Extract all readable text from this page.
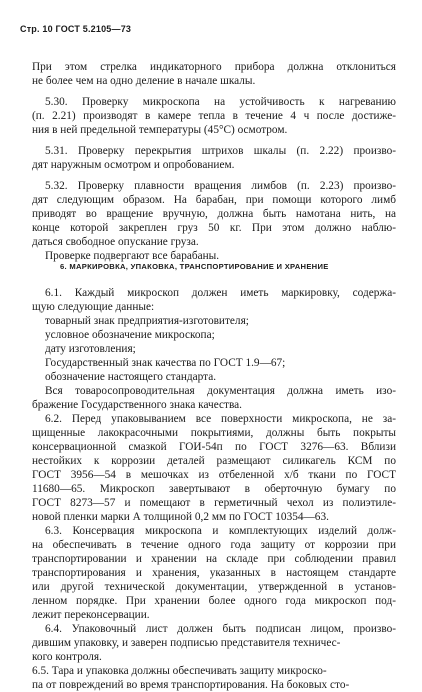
Стр. 10 ГОСТ 5.2105—73
При этом стрелка индикаторного прибора должна отклониться
не более чем на одно деление в начале шкалы.
5.30. Проверку микроскопа на устойчивость к нагреванию
(п. 2.21) производят в камере тепла в течение 4 ч после достиже-
ния в ней предельной температуры (45°С) осмотром.
5.31. Проверку перекрытия штрихов шкалы (п. 2.22) произво-
дят наружным осмотром и опробованием.
5.32. Проверку плавности вращения лимбов (п. 2.23) произво-
дят следующим образом. На барабан, при помощи которого лимб
приводят во вращение вручную, должна быть намотана нить, на
конце которой закреплен груз 50 кг. При этом должно наблю-
даться свободное опускание груза.
Проверке подвергают все барабаны.
6. МАРКИРОВКА, УПАКОВКА, ТРАНСПОРТИРОВАНИЕ И ХРАНЕНИЕ
6.1. Каждый микроскоп должен иметь маркировку, содержа-
щую следующие данные:
товарный знак предприятия-изготовителя;
условное обозначение микроскопа;
дату изготовления;
Государственный знак качества по ГОСТ 1.9—67;
обозначение настоящего стандарта.
Вся товаросопроводительная документация должна иметь изо-
бражение Государственного знака качества.
6.2. Перед упаковыванием все поверхности микроскопа, не за-
щищенные лакокрасочными покрытиями, должны быть покрыты
консервационной смазкой ГОИ-54п по ГОСТ 3276—63. Вблизи
нестойких к коррозии деталей размещают силикагель КСМ по
ГОСТ 3956—54 в мешочках из отбеленной х/б ткани по ГОСТ
11680—65. Микроскоп завертывают в оберточную бумагу по
ГОСТ 8273—57 и помещают в герметичный чехол из полиэтиле-
новой пленки марки А толщиной 0,2 мм по ГОСТ 10354—63.
6.3. Консервация микроскопа и комплектующих изделий долж-
на обеспечивать в течение одного года защиту от коррозии при
транспортировании и хранении на складе при соблюдении правил
транспортирования и хранения, указанных в настоящем стандарте
или другой технической документации, утвержденной в установ-
ленном порядке. При хранении более одного года микроскоп под-
лежит переконсервации.
6.4. Упаковочный лист должен быть подписан лицом, произво-
дившим упаковку, и заверен подписью представителя техничес-
кого контроля.
6.5. Тара и упаковка должны обеспечивать защиту микроско-
па от повреждений во время транспортирования. На боковых сто-
